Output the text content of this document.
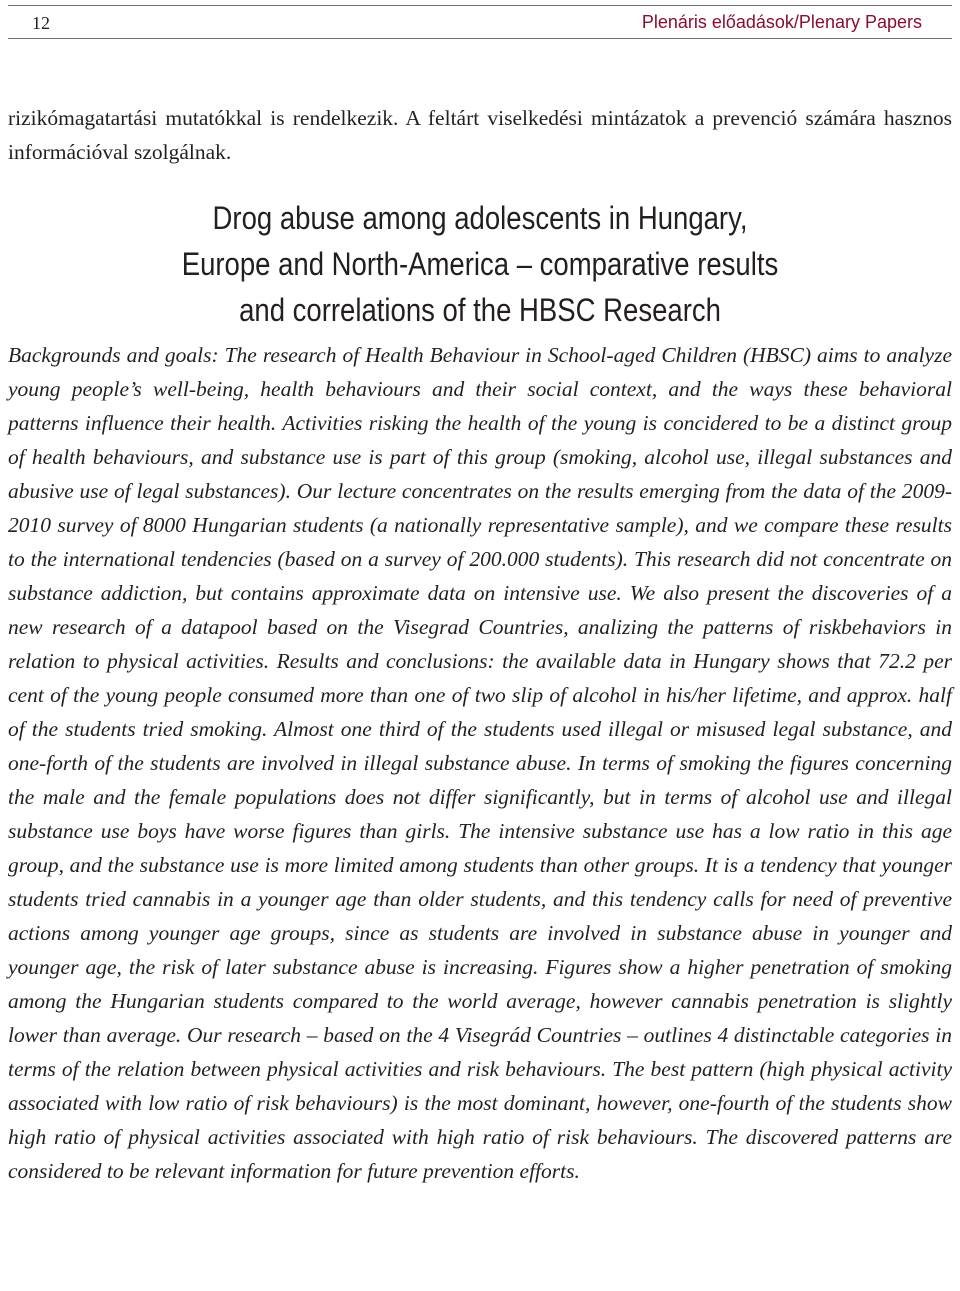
12	Plenáris előadások/Plenary Papers

rizikómagatartási mutatókkal is rendelkezik. A feltárt viselkedési mintázatok a prevenció számára hasznos információval szolgálnak.

Drog abuse among adolescents in Hungary,
Europe and North-America – comparative results
and correlations of the HBSC Research

Backgrounds and goals: The research of Health Behaviour in School-aged Children (HBSC) aims to analyze young people’s well-being, health behaviours and their social context, and the ways these behavioral patterns influence their health. Activities risking the health of the young is concidered to be a distinct group of health behaviours, and substance use is part of this group (smoking, alcohol use, illegal substances and abusive use of legal substances). Our lecture concentrates on the results emerging from the data of the 2009-2010 survey of 8000 Hungarian students (a nationally representative sample), and we compare these results to the international tendencies (based on a survey of 200.000 students). This research did not concentrate on substance addiction, but contains approximate data on intensive use. We also present the discoveries of a new research of a datapool based on the Visegrad Countries, analizing the patterns of riskbehaviors in relation to physical activities. Results and conclusions: the available data in Hungary shows that 72.2 per cent of the young people consumed more than one of two slip of alcohol in his/her lifetime, and approx. half of the students tried smoking. Almost one third of the students used illegal or misused legal substance, and one-forth of the students are involved in illegal substance abuse. In terms of smoking the figures concerning the male and the female populations does not differ significantly, but in terms of alcohol use and illegal substance use boys have worse figures than girls. The intensive substance use has a low ratio in this age group, and the substance use is more limited among students than other groups. It is a tendency that younger students tried cannabis in a younger age than older students, and this tendency calls for need of preventive actions among younger age groups, since as students are involved in substance abuse in younger and younger age, the risk of later substance abuse is increasing. Figures show a higher penetration of smoking among the Hungarian students compared to the world average, however cannabis penetration is slightly lower than average. Our research – based on the 4 Visegrád Countries – outlines 4 distinctable categories in terms of the relation between physical activities and risk behaviours. The best pattern (high physical activity associated with low ratio of risk behaviours) is the most dominant, however, one-fourth of the students show high ratio of physical activities associated with high ratio of risk behaviours. The discovered patterns are considered to be relevant information for future prevention efforts.
